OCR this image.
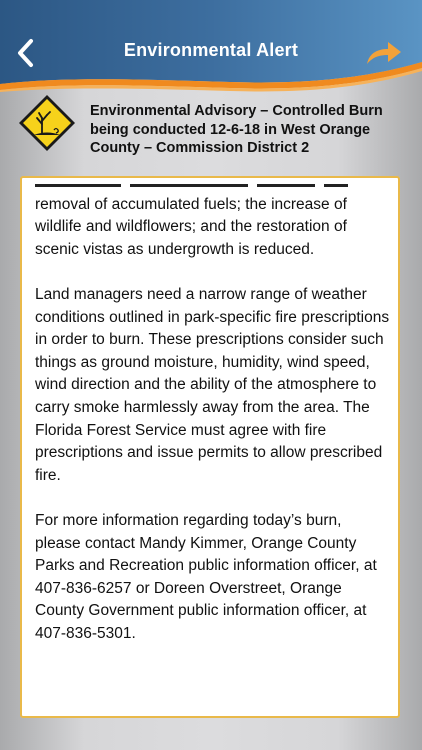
Environmental Alert
Environmental Advisory – Controlled Burn being conducted 12-6-18 in West Orange County – Commission District 2

removal of accumulated fuels; the increase of wildlife and wildflowers; and the restoration of scenic vistas as undergrowth is reduced.

Land managers need a narrow range of weather conditions outlined in park-specific fire prescriptions in order to burn. These prescriptions consider such things as ground moisture, humidity, wind speed, wind direction and the ability of the atmosphere to carry smoke harmlessly away from the area. The Florida Forest Service must agree with fire prescriptions and issue permits to allow prescribed fire.

For more information regarding today’s burn, please contact Mandy Kimmer, Orange County Parks and Recreation public information officer, at 407-836-6257 or Doreen Overstreet, Orange County Government public information officer, at 407-836-5301.
